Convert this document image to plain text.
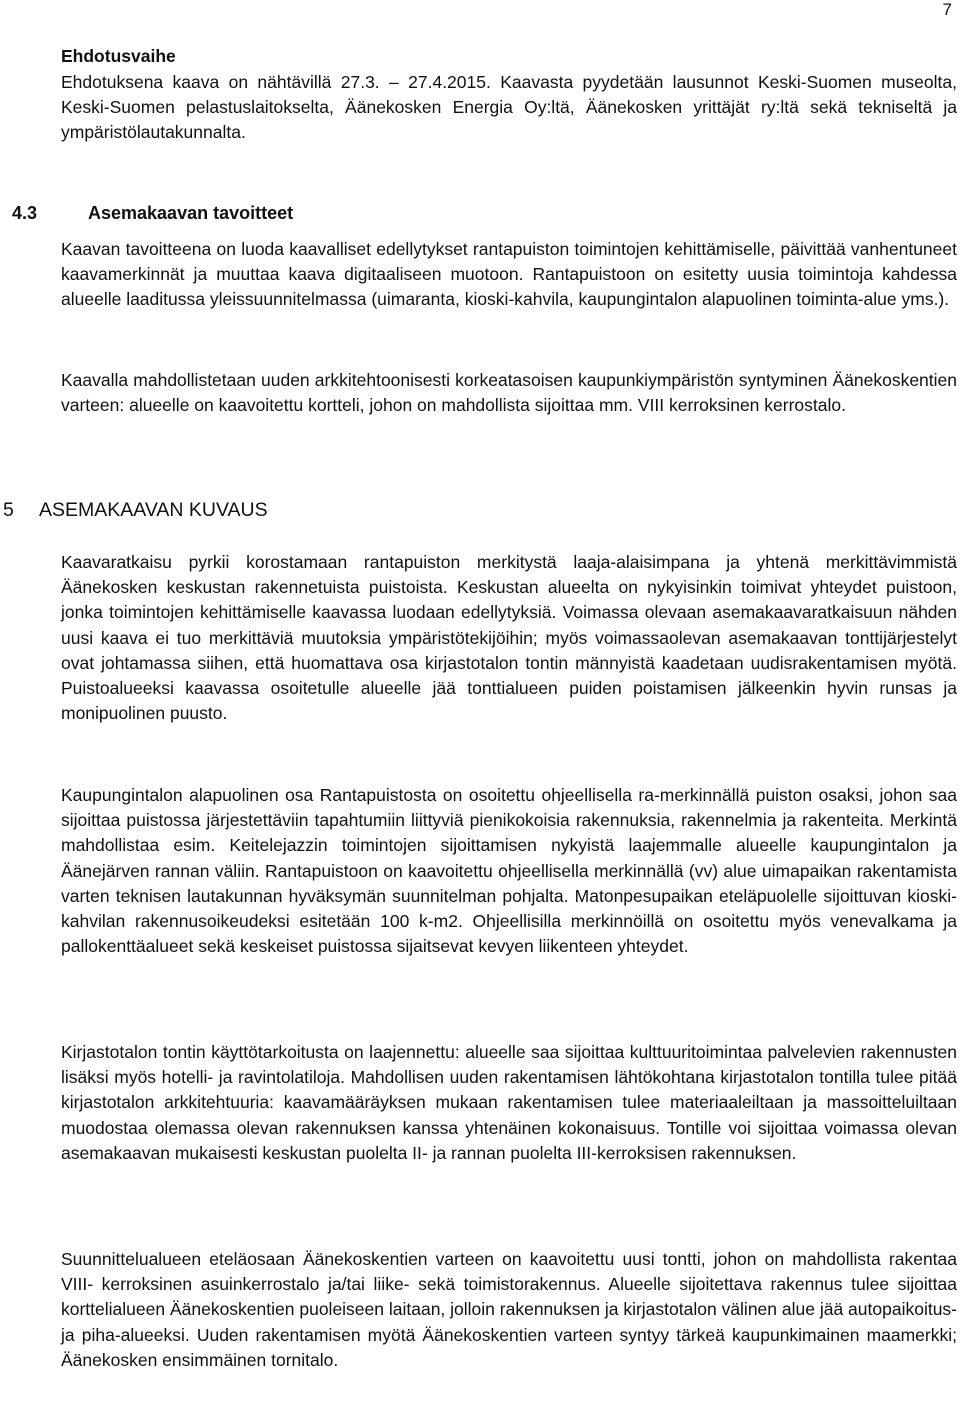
7
Ehdotusvaihe

Ehdotuksena kaava on nähtävillä 27.3. – 27.4.2015. Kaavasta pyydetään lausunnot Keski-Suomen museolta, Keski-Suomen pelastuslaitokselta, Äänekosken Energia Oy:ltä, Äänekosken yrittäjät ry:ltä sekä tekniseltä ja ympäristölautakunnalta.

4.3	Asemakaavan tavoitteet

Kaavan tavoitteena on luoda kaavalliset edellytykset rantapuiston toimintojen kehittämiselle, päivittää vanhentuneet kaavamerkinnät ja muuttaa kaava digitaaliseen muotoon. Rantapuistoon on esitetty uusia toimintoja kahdessa alueelle laaditussa yleissuunnitelmassa (uimaranta, kioski-kahvila, kaupungintalon alapuolinen toiminta-alue yms.).

Kaavalla mahdollistetaan uuden arkkitehtoonisesti korkeatasoisen kaupunkiympäristön syntyminen Äänekoskentien varteen: alueelle on kaavoitettu kortteli, johon on mahdollista sijoittaa mm. VIII kerroksinen kerrostalo.

5 ASEMAKAAVAN KUVAUS

Kaavaratkaisu pyrkii korostamaan rantapuiston merkitystä laaja-alaisimpana ja yhtenä merkittävimmistä Äänekosken keskustan rakennetuista puistoista. Keskustan alueelta on nykyisinkin toimivat yhteydet puistoon, jonka toimintojen kehittämiselle kaavassa luodaan edellytyksiä. Voimassa olevaan asemakaavaratkaisuun nähden uusi kaava ei tuo merkittäviä muutoksia ympäristötekijöihin; myös voimassaolevan asemakaavan tonttijärjestelyt ovat johtamassa siihen, että huomattava osa kirjastotalon tontin männyistä kaadetaan uudisrakentamisen myötä. Puistoalueeksi kaavassa osoitetulle alueelle jää tonttialueen puiden poistamisen jälkeenkin hyvin runsas ja monipuolinen puusto.

Kaupungintalon alapuolinen osa Rantapuistosta on osoitettu ohjeellisella ra-merkinnällä puiston osaksi, johon saa sijoittaa puistossa järjestettäviin tapahtumiin liittyviä pienikokoisia rakennuksia, rakennelmia ja rakenteita. Merkintä mahdollistaa esim. Keitelejazzin toimintojen sijoittamisen nykyistä laajemmalle alueelle kaupungintalon ja Äänejärven rannan väliin. Rantapuistoon on kaavoitettu ohjeellisella merkinnällä (vv) alue uimapaikan rakentamista varten teknisen lautakunnan hyväksymän suunnitelman pohjalta. Matonpesupaikan eteläpuolelle sijoittuvan kioski-kahvilan rakennusoikeudeksi esitetään 100 k-m2. Ohjeellisilla merkinnöillä on osoitettu myös venevalkama ja pallokenttäalueet sekä keskeiset puistossa sijaitsevat kevyen liikenteen yhteydet.

Kirjastotalon tontin käyttötarkoitusta on laajennettu: alueelle saa sijoittaa kulttuuritoimintaa palvelevien rakennusten lisäksi myös hotelli- ja ravintolatiloja. Mahdollisen uuden rakentamisen lähtökohtana kirjastotalon tontilla tulee pitää kirjastotalon arkkitehtuuria: kaavamääräyksen mukaan rakentamisen tulee materiaaleiltaan ja massoitteluiltaan muodostaa olemassa olevan rakennuksen kanssa yhtenäinen kokonaisuus. Tontille voi sijoittaa voimassa olevan asemakaavan mukaisesti keskustan puolelta II- ja rannan puolelta III-kerroksisen rakennuksen.

Suunnittelualueen eteläosaan Äänekoskentien varteen on kaavoitettu uusi tontti, johon on mahdollista rakentaa VIII- kerroksinen asuinkerrostalo ja/tai liike- sekä toimistorakennus. Alueelle sijoitettava rakennus tulee sijoittaa korttelialueen Äänekoskentien puoleiseen laitaan, jolloin rakennuksen ja kirjastotalon välinen alue jää autopaikoitus- ja piha-alueeksi. Uuden rakentamisen myötä Äänekoskentien varteen syntyy tärkeä kaupunkimainen maamerkki; Äänekosken ensimmäinen tornitalo.
